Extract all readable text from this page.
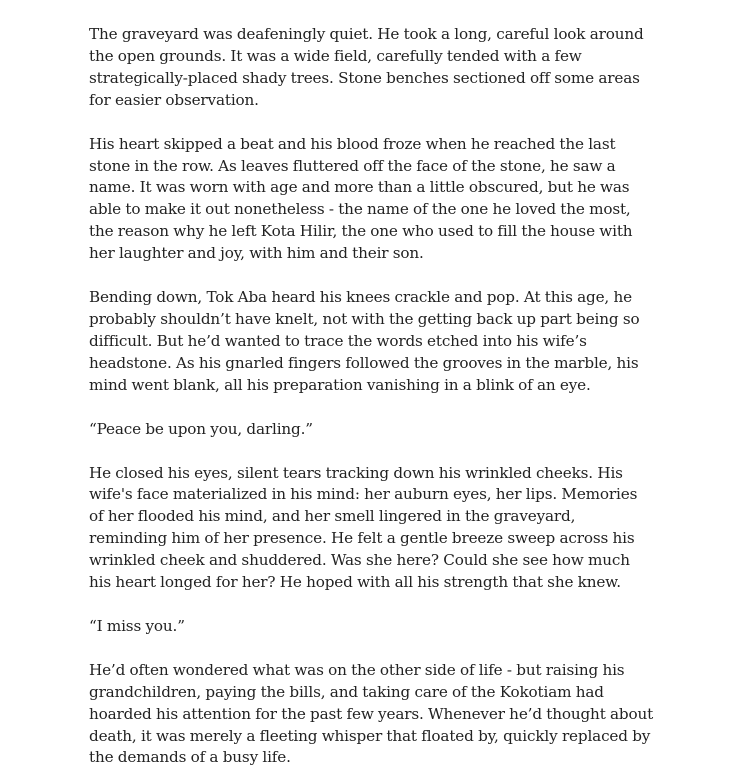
The graveyard was deafeningly quiet. He took a long, careful look around the open grounds. It was a wide field, carefully tended with a few strategically-placed shady trees. Stone benches sectioned off some areas for easier observation.

His heart skipped a beat and his blood froze when he reached the last stone in the row. As leaves fluttered off the face of the stone, he saw a name. It was worn with age and more than a little obscured, but he was able to make it out nonetheless - the name of the one he loved the most, the reason why he left Kota Hilir, the one who used to fill the house with her laughter and joy, with him and their son.

Bending down, Tok Aba heard his knees crackle and pop. At this age, he probably shouldn’t have knelt, not with the getting back up part being so difficult. But he’d wanted to trace the words etched into his wife’s headstone. As his gnarled fingers followed the grooves in the marble, his mind went blank, all his preparation vanishing in a blink of an eye.

“Peace be upon you, darling.”

He closed his eyes, silent tears tracking down his wrinkled cheeks. His wife's face materialized in his mind: her auburn eyes, her lips. Memories of her flooded his mind, and her smell lingered in the graveyard, reminding him of her presence. He felt a gentle breeze sweep across his wrinkled cheek and shuddered. Was she here? Could she see how much his heart longed for her? He hoped with all his strength that she knew.

“I miss you.”

He’d often wondered what was on the other side of life - but raising his grandchildren, paying the bills, and taking care of the Kokotiam had hoarded his attention for the past few years. Whenever he’d thought about death, it was merely a fleeting whisper that floated by, quickly replaced by the demands of a busy life.
